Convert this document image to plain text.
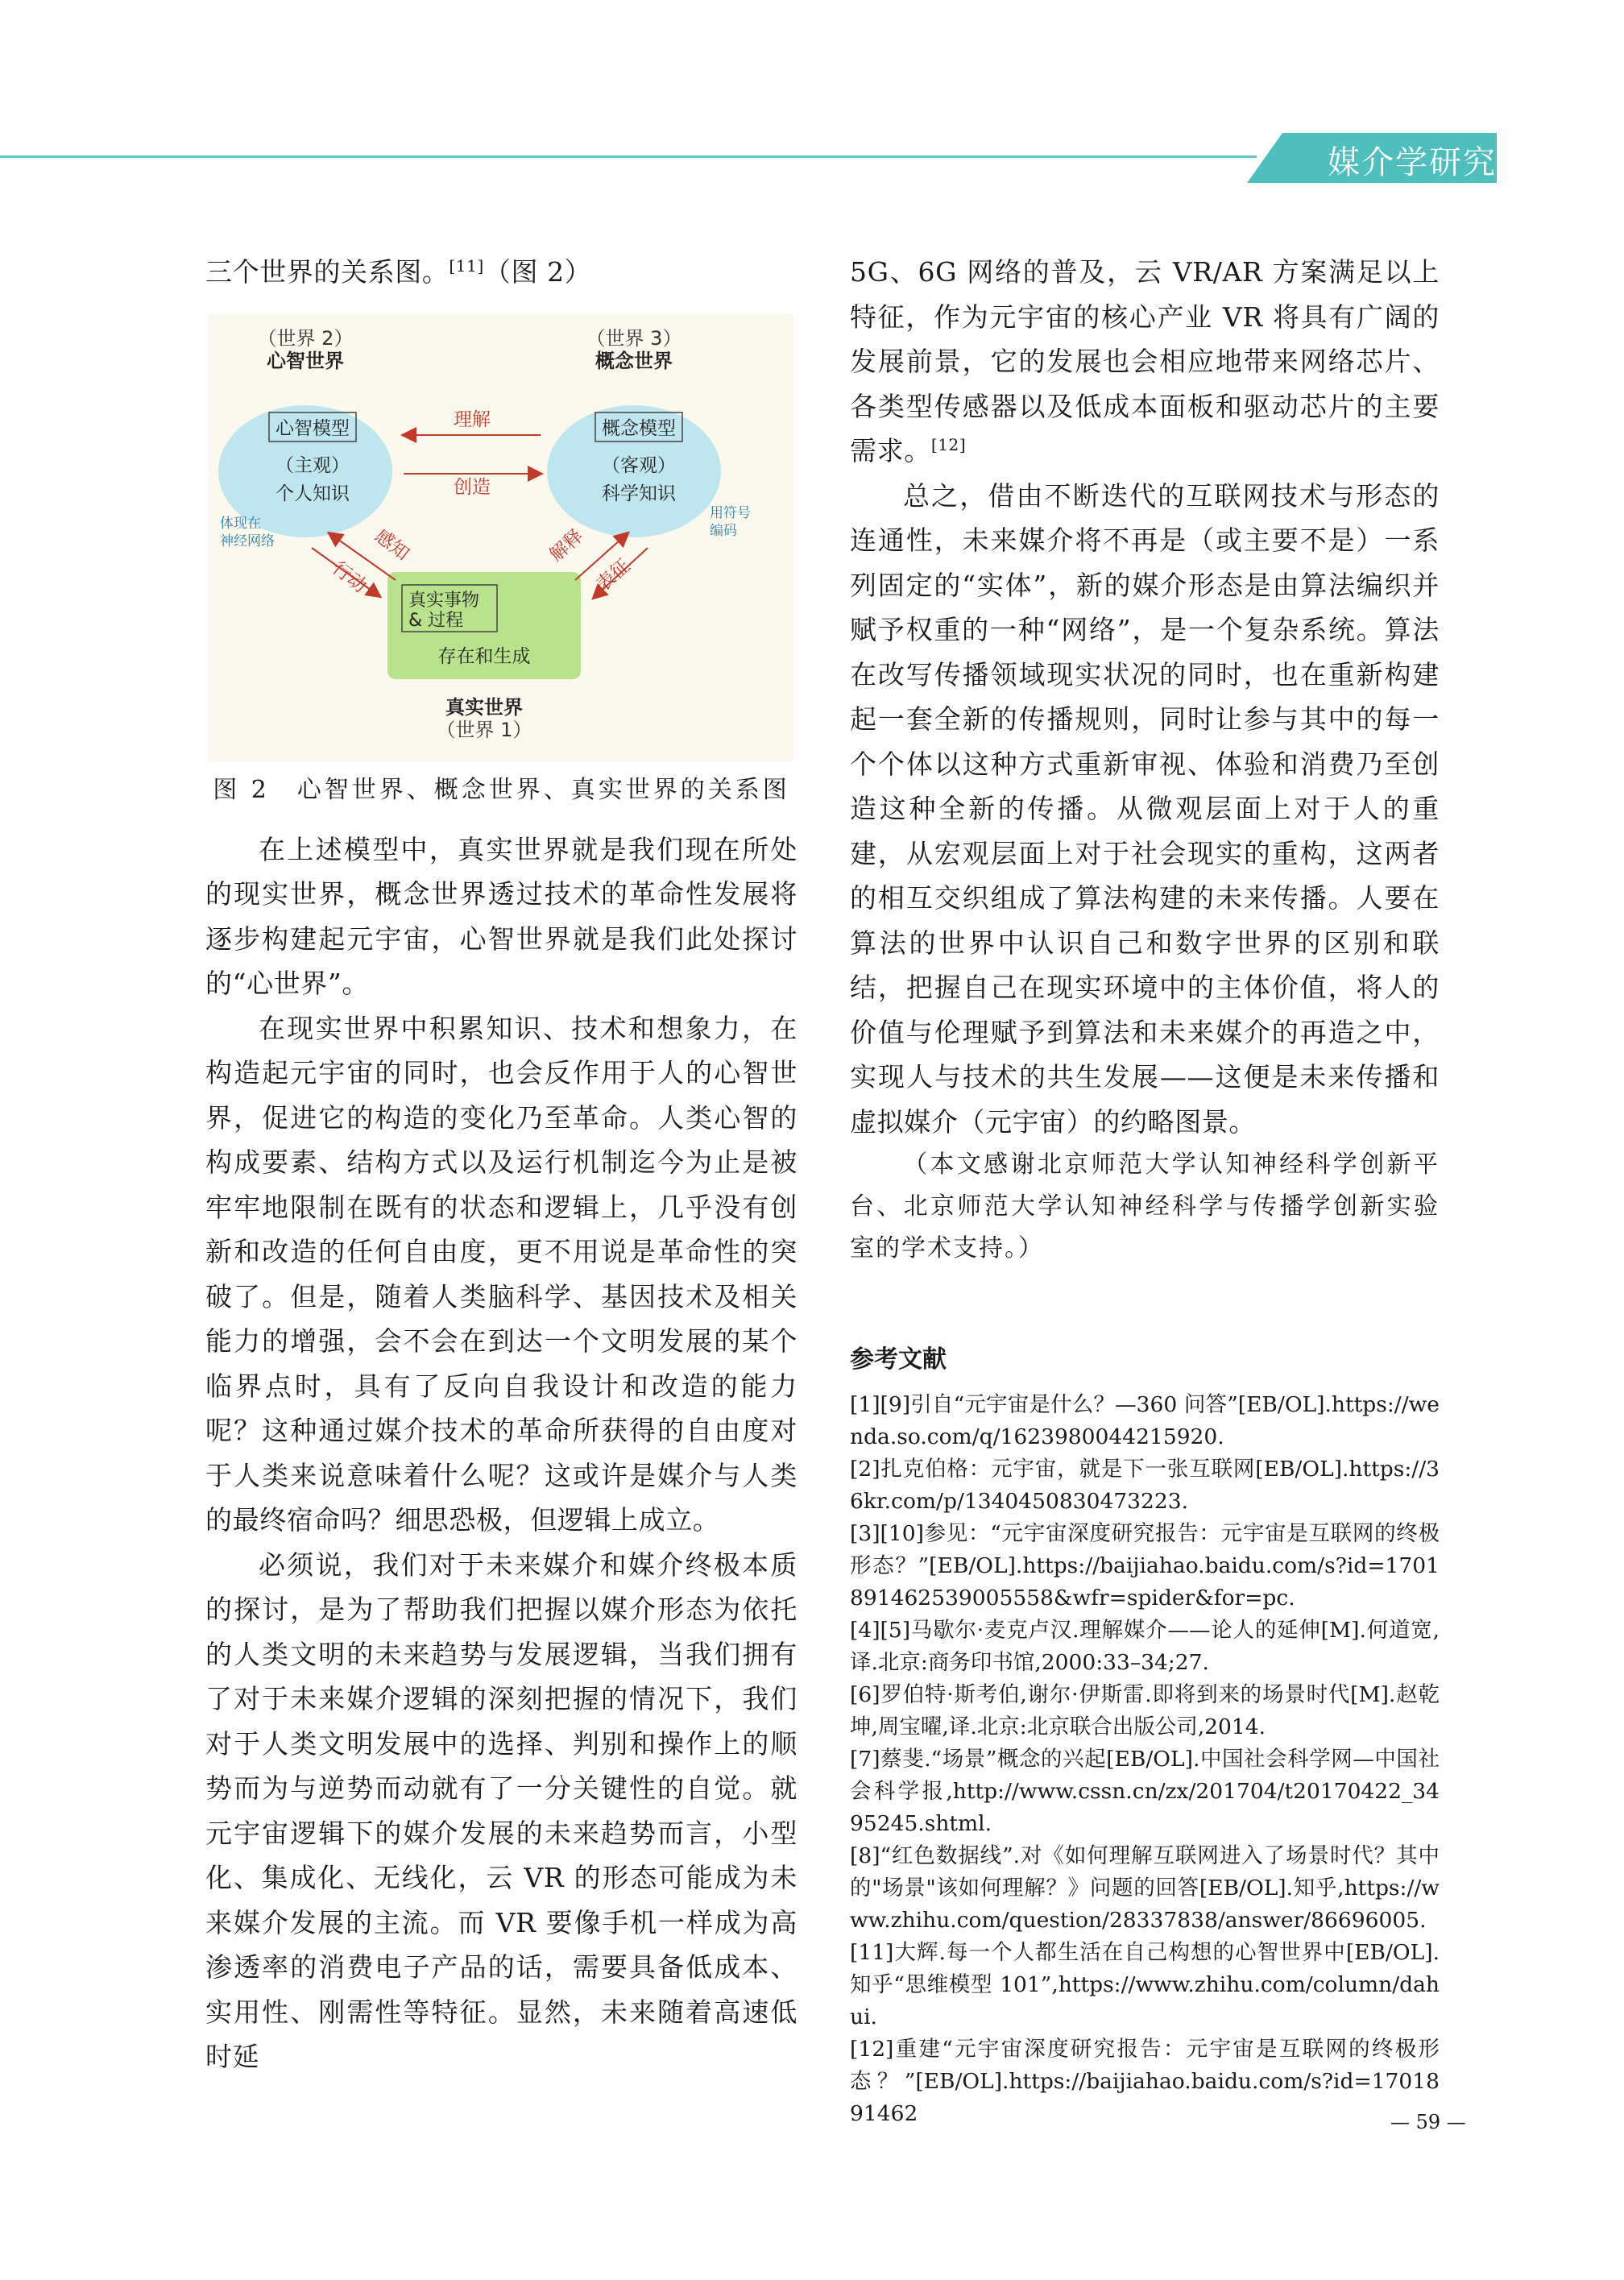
媒介学研究

三个世界的关系图。[11]（图 2）

（世界 2）
心智世界
（世界 3）
概念世界
心智模型
（主观）
个人知识
概念模型
（客观）
科学知识
理解
创造
体现在
神经网络
用符号
编码
感知
行动
解释
表征
真实事物
& 过程
存在和生成
真实世界
（世界 1）

图 2　心智世界、概念世界、真实世界的关系图

在上述模型中，真实世界就是我们现在所处的现实世界，概念世界透过技术的革命性发展将逐步构建起元宇宙，心智世界就是我们此处探讨的“心世界”。

在现实世界中积累知识、技术和想象力，在构造起元宇宙的同时，也会反作用于人的心智世界，促进它的构造的变化乃至革命。人类心智的构成要素、结构方式以及运行机制迄今为止是被牢牢地限制在既有的状态和逻辑上，几乎没有创新和改造的任何自由度，更不用说是革命性的突破了。但是，随着人类脑科学、基因技术及相关能力的增强，会不会在到达一个文明发展的某个临界点时，具有了反向自我设计和改造的能力呢？这种通过媒介技术的革命所获得的自由度对于人类来说意味着什么呢？这或许是媒介与人类的最终宿命吗？细思恐极，但逻辑上成立。

必须说，我们对于未来媒介和媒介终极本质的探讨，是为了帮助我们把握以媒介形态为依托的人类文明的未来趋势与发展逻辑，当我们拥有了对于未来媒介逻辑的深刻把握的情况下，我们对于人类文明发展中的选择、判别和操作上的顺势而为与逆势而动就有了一分关键性的自觉。就元宇宙逻辑下的媒介发展的未来趋势而言，小型化、集成化、无线化，云 VR 的形态可能成为未来媒介发展的主流。而 VR 要像手机一样成为高渗透率的消费电子产品的话，需要具备低成本、实用性、刚需性等特征。显然，未来随着高速低时延

5G、6G 网络的普及，云 VR/AR 方案满足以上特征，作为元宇宙的核心产业 VR 将具有广阔的发展前景，它的发展也会相应地带来网络芯片、各类型传感器以及低成本面板和驱动芯片的主要需求。[12]

总之，借由不断迭代的互联网技术与形态的连通性，未来媒介将不再是（或主要不是）一系列固定的“实体”，新的媒介形态是由算法编织并赋予权重的一种“网络”，是一个复杂系统。算法在改写传播领域现实状况的同时，也在重新构建起一套全新的传播规则，同时让参与其中的每一个个体以这种方式重新审视、体验和消费乃至创造这种全新的传播。从微观层面上对于人的重建，从宏观层面上对于社会现实的重构，这两者的相互交织组成了算法构建的未来传播。人要在算法的世界中认识自己和数字世界的区别和联结，把握自己在现实环境中的主体价值，将人的价值与伦理赋予到算法和未来媒介的再造之中，实现人与技术的共生发展——这便是未来传播和虚拟媒介（元宇宙）的约略图景。

（本文感谢北京师范大学认知神经科学创新平台、北京师范大学认知神经科学与传播学创新实验室的学术支持。）

参考文献

[1][9]引自“元宇宙是什么？—360 问答”[EB/OL].https://wenda.so.com/q/1623980044215920.

[2]扎克伯格：元宇宙，就是下一张互联网[EB/OL].https://36kr.com/p/1340450830473223.

[3][10]参见：“元宇宙深度研究报告：元宇宙是互联网的终极形态？”[EB/OL].https://baijiahao.baidu.com/s?id=1701891462539005558&wfr=spider&for=pc.

[4][5]马歇尔·麦克卢汉.理解媒介——论人的延伸[M].何道宽,译.北京:商务印书馆,2000:33–34;27.

[6]罗伯特·斯考伯,谢尔·伊斯雷.即将到来的场景时代[M].赵乾坤,周宝曜,译.北京:北京联合出版公司,2014.

[7]蔡斐.“场景”概念的兴起[EB/OL].中国社会科学网—中国社会科学报,http://www.cssn.cn/zx/201704/t20170422_3495245.shtml.

[8]“红色数据线”.对《如何理解互联网进入了场景时代？其中的"场景"该如何理解？》问题的回答[EB/OL].知乎,https://www.zhihu.com/question/28337838/answer/86696005.

[11]大辉.每一个人都生活在自己构想的心智世界中[EB/OL].知乎“思维模型 101”,https://www.zhihu.com/column/dahui.

[12]重建“元宇宙深度研究报告：元宇宙是互联网的终极形态？”[EB/OL].https://baijiahao.baidu.com/s?id=1701891462	— 59 —
